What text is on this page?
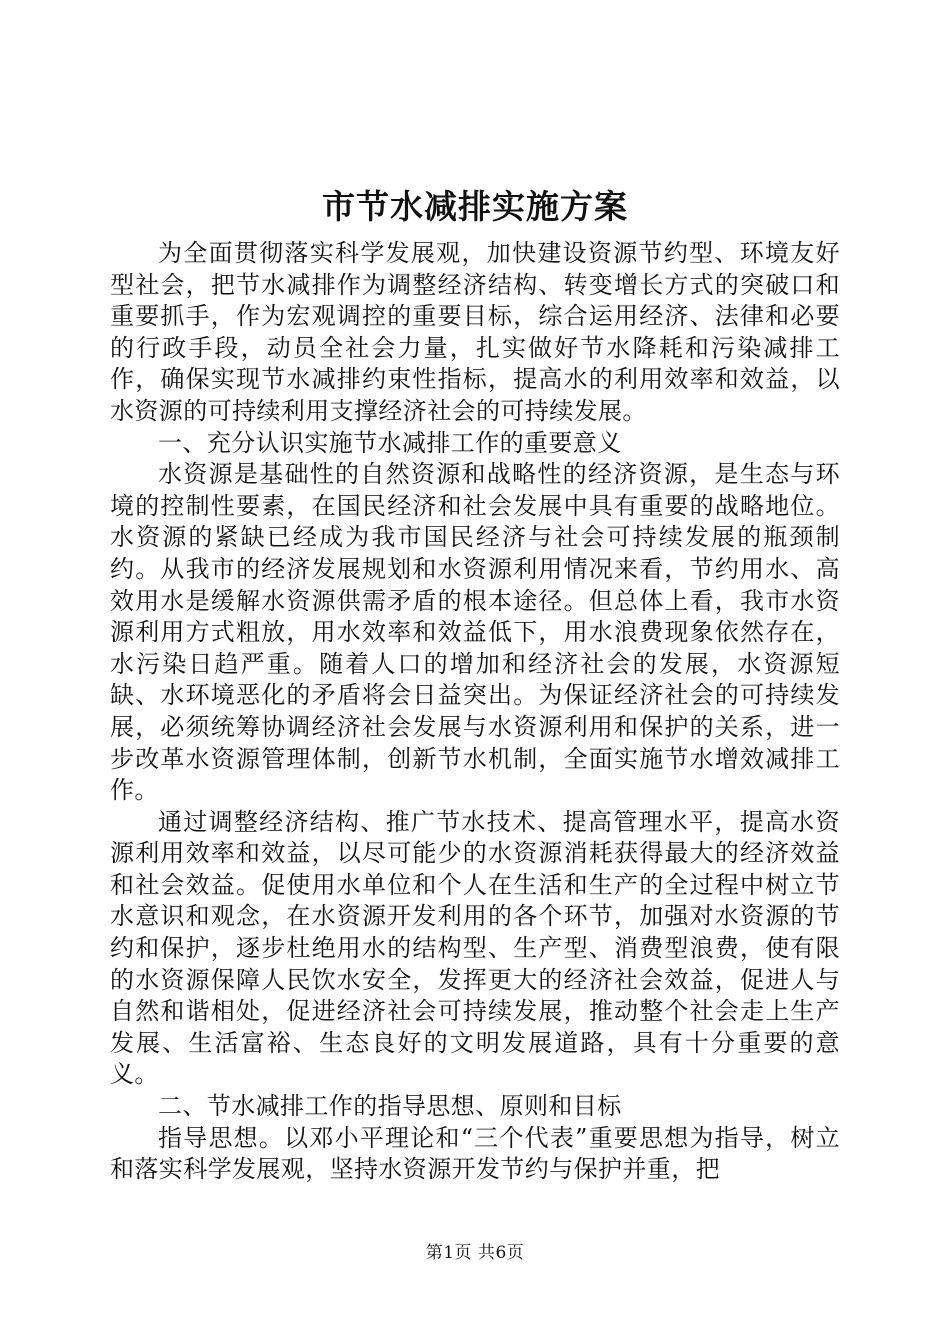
市节水减排实施方案

为全面贯彻落实科学发展观，加快建设资源节约型、环境友好型社会，把节水减排作为调整经济结构、转变增长方式的突破口和重要抓手，作为宏观调控的重要目标，综合运用经济、法律和必要的行政手段，动员全社会力量，扎实做好节水降耗和污染减排工作，确保实现节水减排约束性指标，提高水的利用效率和效益，以水资源的可持续利用支撑经济社会的可持续发展。

一、充分认识实施节水减排工作的重要意义

水资源是基础性的自然资源和战略性的经济资源，是生态与环境的控制性要素，在国民经济和社会发展中具有重要的战略地位。水资源的紧缺已经成为我市国民经济与社会可持续发展的瓶颈制约。从我市的经济发展规划和水资源利用情况来看，节约用水、高效用水是缓解水资源供需矛盾的根本途径。但总体上看，我市水资源利用方式粗放，用水效率和效益低下，用水浪费现象依然存在，水污染日趋严重。随着人口的增加和经济社会的发展，水资源短缺、水环境恶化的矛盾将会日益突出。为保证经济社会的可持续发展，必须统筹协调经济社会发展与水资源利用和保护的关系，进一步改革水资源管理体制，创新节水机制，全面实施节水增效减排工作。

通过调整经济结构、推广节水技术、提高管理水平，提高水资源利用效率和效益，以尽可能少的水资源消耗获得最大的经济效益和社会效益。促使用水单位和个人在生活和生产的全过程中树立节水意识和观念，在水资源开发利用的各个环节，加强对水资源的节约和保护，逐步杜绝用水的结构型、生产型、消费型浪费，使有限的水资源保障人民饮水安全，发挥更大的经济社会效益，促进人与自然和谐相处，促进经济社会可持续发展，推动整个社会走上生产发展、生活富裕、生态良好的文明发展道路，具有十分重要的意义。

二、节水减排工作的指导思想、原则和目标

指导思想。以邓小平理论和“三个代表”重要思想为指导，树立和落实科学发展观，坚持水资源开发节约与保护并重，把

第1页 共6页
